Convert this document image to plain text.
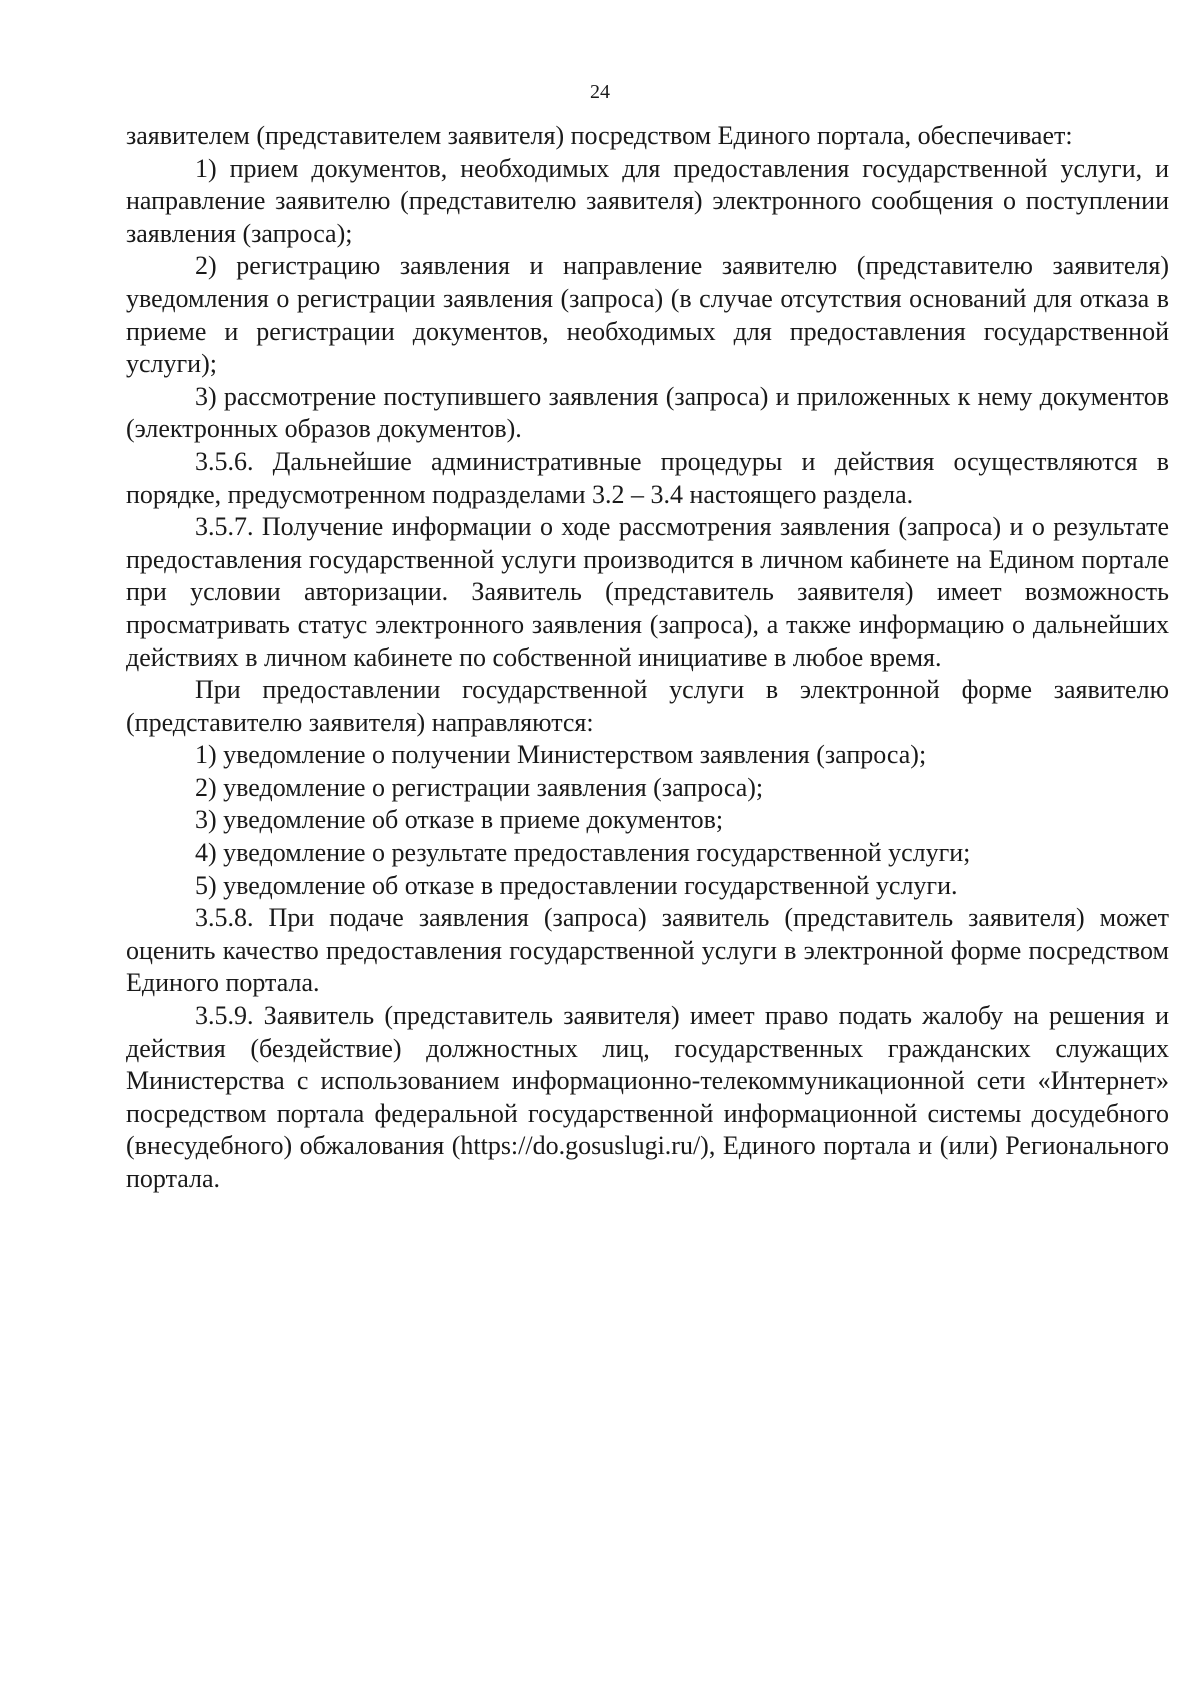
24

заявителем (представителем заявителя) посредством Единого портала, обеспечивает:

1) прием документов, необходимых для предоставления государственной услуги, и направление заявителю (представителю заявителя) электронного сообщения о поступлении заявления (запроса);

2) регистрацию заявления и направление заявителю (представителю заявителя) уведомления о регистрации заявления (запроса) (в случае отсутствия оснований для отказа в приеме и регистрации документов, необходимых для предоставления государственной услуги);

3) рассмотрение поступившего заявления (запроса) и приложенных к нему документов (электронных образов документов).

3.5.6. Дальнейшие административные процедуры и действия осуществляются в порядке, предусмотренном подразделами 3.2 – 3.4 настоящего раздела.

3.5.7. Получение информации о ходе рассмотрения заявления (запроса) и о результате предоставления государственной услуги производится в личном кабинете на Едином портале при условии авторизации. Заявитель (представитель заявителя) имеет возможность просматривать статус электронного заявления (запроса), а также информацию о дальнейших действиях в личном кабинете по собственной инициативе в любое время.

При предоставлении государственной услуги в электронной форме заявителю (представителю заявителя) направляются:

1) уведомление о получении Министерством заявления (запроса);

2) уведомление о регистрации заявления (запроса);

3) уведомление об отказе в приеме документов;

4) уведомление о результате предоставления государственной услуги;

5) уведомление об отказе в предоставлении государственной услуги.

3.5.8. При подаче заявления (запроса) заявитель (представитель заявителя) может оценить качество предоставления государственной услуги в электронной форме посредством Единого портала.

3.5.9. Заявитель (представитель заявителя) имеет право подать жалобу на решения и действия (бездействие) должностных лиц, государственных гражданских служащих Министерства с использованием информационно-телекоммуникационной сети «Интернет» посредством портала федеральной государственной информационной системы досудебного (внесудебного) обжалования (https://do.gosuslugi.ru/), Единого портала и (или) Регионального портала.
